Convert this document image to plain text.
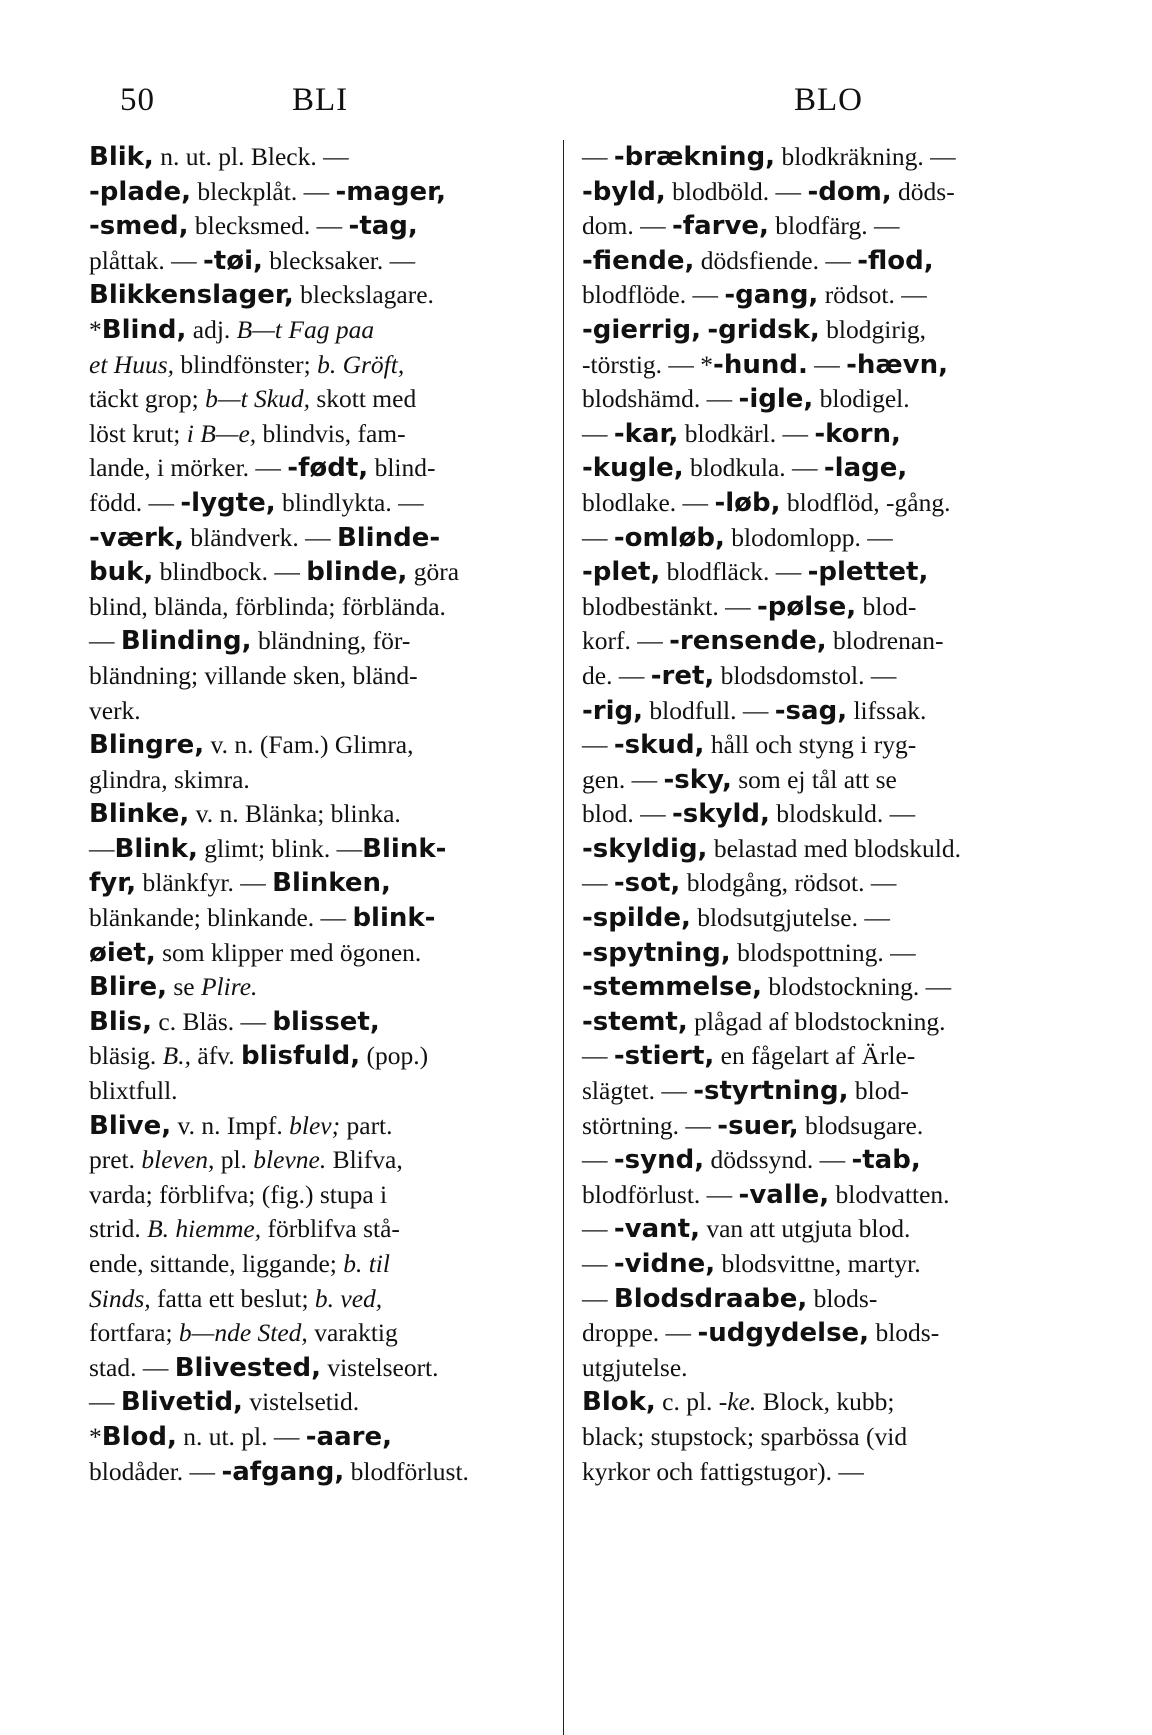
50	BLI	BLO
Blik, n. ut. pl. Bleck. —
-plade, bleckplåt. — -mager,
-smed, blecksmed. — -tag,
plåttak. — -tøi, blecksaker. —
Blikkenslager, bleckslagare.
*Blind, adj. B—t Fag paa
et Huus, blindfönster; b. Gröft,
täckt grop; b—t Skud, skott med
löst krut; i B—e, blindvis, fam-
lande, i mörker. — -født, blind-
född. — -lygte, blindlykta. —
-værk, bländverk. — Blinde-
buk, blindbock. — blinde, göra
blind, blända, förblinda; förblända.
— Blinding, bländning, för-
bländning; villande sken, bländ-
verk.
Blingre, v. n. (Fam.) Glimra,
glindra, skimra.
Blinke, v. n. Blänka; blinka.
—Blink, glimt; blink. —Blink-
fyr, blänkfyr. — Blinken,
blänkande; blinkande. — blink-
øiet, som klipper med ögonen.
Blire, se Plire.
Blis, c. Bläs. — blisset,
bläsig. B., äfv. blisfuld, (pop.)
blixtfull.
Blive, v. n. Impf. blev; part.
pret. bleven, pl. blevne. Blifva,
varda; förblifva; (fig.) stupa i
strid. B. hiemme, förblifva stå-
ende, sittande, liggande; b. til
Sinds, fatta ett beslut; b. ved,
fortfara; b—nde Sted, varaktig
stad. — Blivested, vistelseort.
— Blivetid, vistelsetid.
*Blod, n. ut. pl. — -aare,
blodåder. — -afgang, blodförlust.
— -brækning, blodkräkning. —
-byld, blodböld. — -dom, döds-
dom. — -farve, blodfärg. —
-fiende, dödsfiende. — -flod,
blodflöde. — -gang, rödsot. —
-gierrig, -gridsk, blodgirig,
-törstig. — *-hund. — -hævn,
blodshämd. — -igle, blodigel.
— -kar, blodkärl. — -korn,
-kugle, blodkula. — -lage,
blodlake. — -løb, blodflöd, -gång.
— -omløb, blodomlopp. —
-plet, blodfläck. — -plettet,
blodbestänkt. — -pølse, blod-
korf. — -rensende, blodrenan-
de. — -ret, blodsdomstol. —
-rig, blodfull. — -sag, lifssak.
— -skud, håll och styng i ryg-
gen. — -sky, som ej tål att se
blod. — -skyld, blodskuld. —
-skyldig, belastad med blodskuld.
— -sot, blodgång, rödsot. —
-spilde, blodsutgjutelse. —
-spytning, blodspottning. —
-stemmelse, blodstockning. —
-stemt, plågad af blodstockning.
— -stiert, en fågelart af Ärle-
slägtet. — -styrtning, blod-
störtning. — -suer, blodsugare.
— -synd, dödssynd. — -tab,
blodförlust. — -valle, blodvatten.
— -vant, van att utgjuta blod.
— -vidne, blodsvittne, martyr.
— Blodsdraabe, blods-
droppe. — -udgydelse, blods-
utgjutelse.
Blok, c. pl. -ke. Block, kubb;
black; stupstock; sparbössa (vid
kyrkor och fattigstugor). —
